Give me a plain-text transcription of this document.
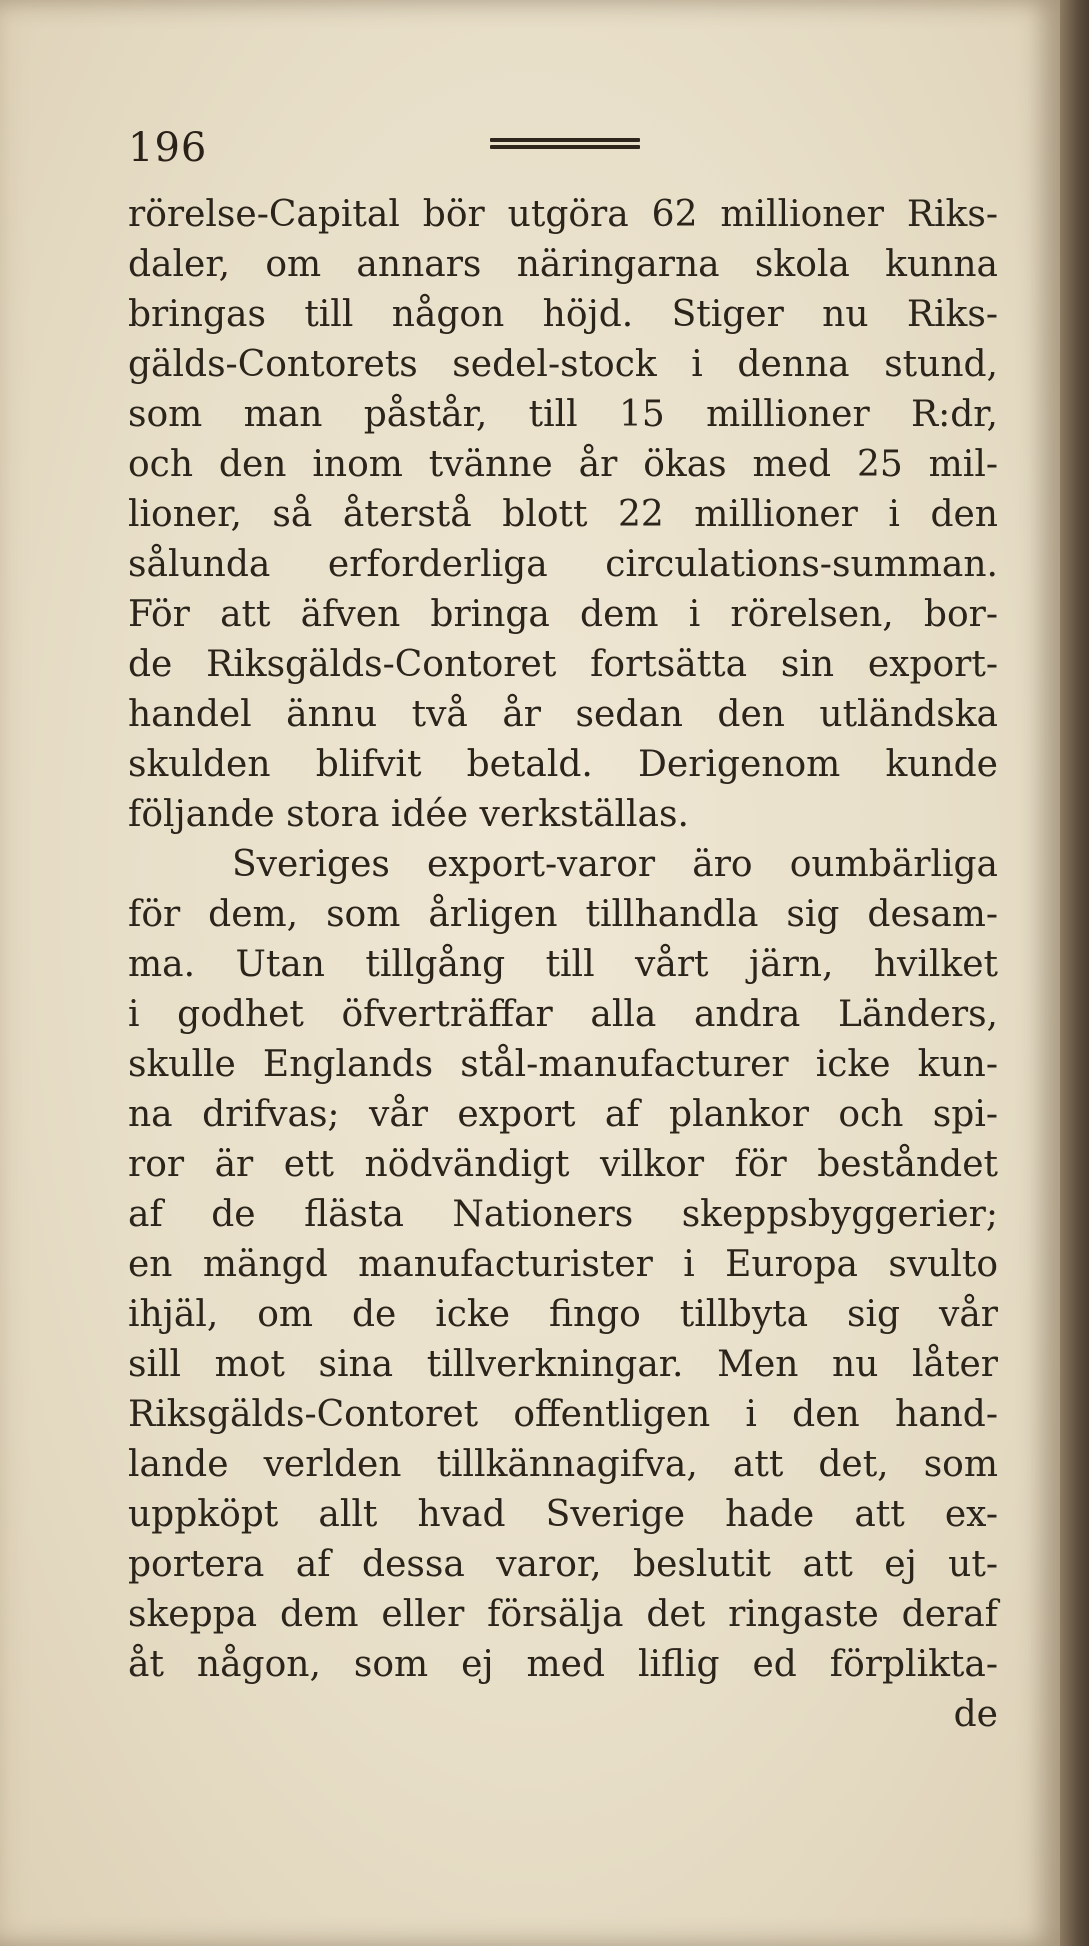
196
rörelse-Capital bör utgöra 62 millioner Riks-
daler, om annars näringarna skola kunna
bringas till någon höjd. Stiger nu Riks-
gälds-Contorets sedel-stock i denna stund,
som man påstår, till 15 millioner R:dr,
och den inom tvänne år ökas med 25 mil-
lioner, så återstå blott 22 millioner i den
sålunda erforderliga circulations-summan.
För att äfven bringa dem i rörelsen, bor-
de Riksgälds-Contoret fortsätta sin export-
handel ännu två år sedan den utländska
skulden blifvit betald. Derigenom kunde
följande stora idée verkställas.
Sveriges export-varor äro oumbärliga
för dem, som årligen tillhandla sig desam-
ma. Utan tillgång till vårt järn, hvilket
i godhet öfverträffar alla andra Länders,
skulle Englands stål-manufacturer icke kun-
na drifvas; vår export af plankor och spi-
ror är ett nödvändigt vilkor för beståndet
af de flästa Nationers skeppsbyggerier;
en mängd manufacturister i Europa svulto
ihjäl, om de icke fingo tillbyta sig vår
sill mot sina tillverkningar. Men nu låter
Riksgälds-Contoret offentligen i den hand-
lande verlden tillkännagifva, att det, som
uppköpt allt hvad Sverige hade att ex-
portera af dessa varor, beslutit att ej ut-
skeppa dem eller försälja det ringaste deraf
åt någon, som ej med liflig ed förplikta-
de
